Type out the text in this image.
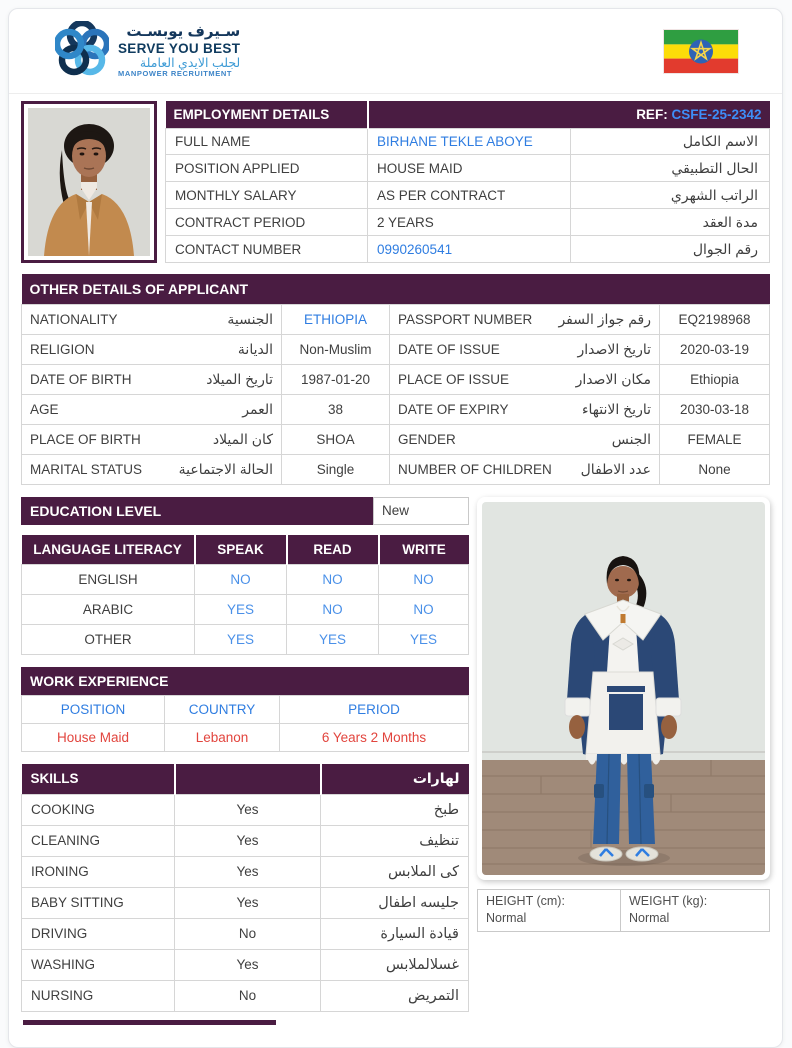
سـيرف يوبسـت
SERVE YOU BEST
لجلب الايدي العاملة
MANPOWER RECRUITMENT
EMPLOYMENT DETAILS	REF: CSFE-25-2342	
FULL NAME	BIRHANE TEKLE ABOYE	الاسم الكامل
POSITION APPLIED	HOUSE MAID	الحال التطبيقي
MONTHLY SALARY	AS PER CONTRACT	الراتب الشهري
CONTRACT PERIOD	2 YEARS	مدة العقد
CONTACT NUMBER	0990260541	رقم الجوال
OTHER DETAILS OF APPLICANT			

NATIONALITY الجنسية	ETHIOPIA	PASSPORT NUMBER رقم جواز السفر	EQ2198968

RELIGION الديانة	Non-Muslim	DATE OF ISSUE تاريخ الاصدار	2020-03-19

DATE OF BIRTH تاريخ الميلاد	1987-01-20	PLACE OF ISSUE مكان الاصدار	Ethiopia

AGE العمر	38	DATE OF EXPIRY تاريخ الانتهاء	2030-03-18

PLACE OF BIRTH كان الميلاد	SHOA	GENDER الجنس	FEMALE

MARITAL STATUS الحالة الاجتماعية	Single	NUMBER OF CHILDREN عدد الاطفال	None
EDUCATION LEVEL	New
LANGUAGE LITERACY	SPEAK	READ	WRITE
ENGLISH	NO	NO	NO
ARABIC	YES	NO	NO
OTHER	YES	YES	YES
WORK EXPERIENCE
POSITION	COUNTRY	PERIOD
House Maid	Lebanon	6 Years 2 Months
SKILLS		لهارات
COOKING	Yes	طبخ
CLEANING	Yes	تنظيف
IRONING	Yes	كى الملابس
BABY SITTING	Yes	جليسه اطفال
DRIVING	No	قيادة السيارة
WASHING	Yes	غسلالملابس
NURSING	No	التمريض
HEIGHT (cm):
Normal

WEIGHT (kg):
Normal
